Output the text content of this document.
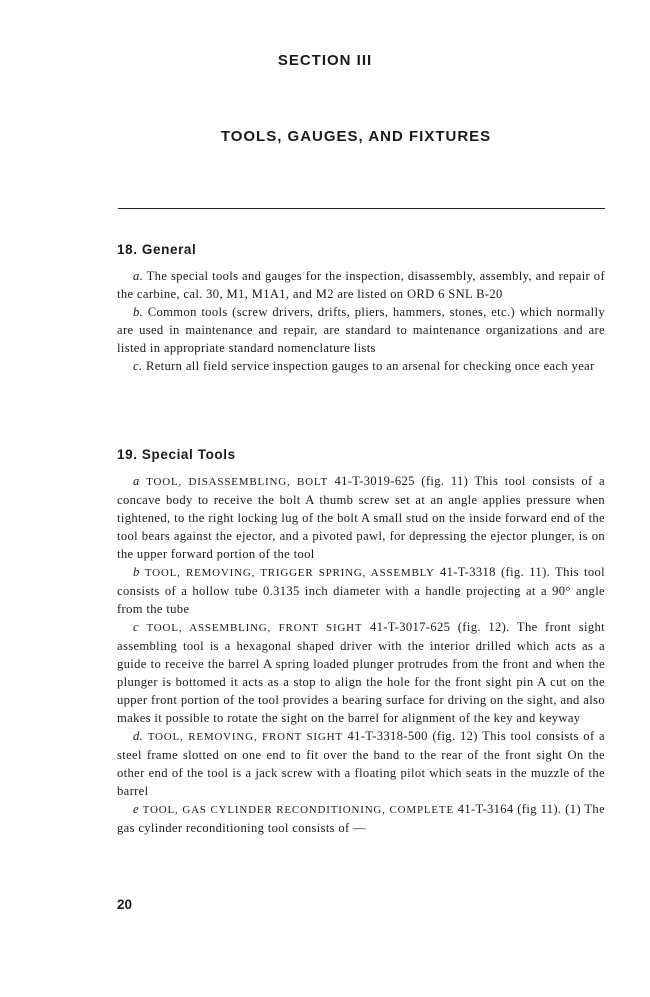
SECTION III
TOOLS, GAUGES, AND FIXTURES
18. General

a. The special tools and gauges for the inspection, disassembly, assembly, and repair of the carbine, cal. 30, M1, M1A1, and M2 are listed on ORD 6 SNL B-20

b. Common tools (screw drivers, drifts, pliers, hammers, stones, etc.) which normally are used in maintenance and repair, are standard to maintenance organizations and are listed in appropriate standard nomenclature lists

c. Return all field service inspection gauges to an arsenal for checking once each year

19. Special Tools

a TOOL, DISASSEMBLING, BOLT 41-T-3019-625 (fig. 11) This tool consists of a concave body to receive the bolt A thumb screw set at an angle applies pressure when tightened, to the right locking lug of the bolt A small stud on the inside forward end of the tool bears against the ejector, and a pivoted pawl, for depressing the ejector plunger, is on the upper forward portion of the tool

b TOOL, REMOVING, TRIGGER SPRING, ASSEMBLY 41-T-3318 (fig. 11). This tool consists of a hollow tube 0.3135 inch diameter with a handle projecting at a 90° angle from the tube

c TOOL, ASSEMBLING, FRONT SIGHT 41-T-3017-625 (fig. 12). The front sight assembling tool is a hexagonal shaped driver with the interior drilled which acts as a guide to receive the barrel A spring loaded plunger protrudes from the front and when the plunger is bottomed it acts as a stop to align the hole for the front sight pin A cut on the upper front portion of the tool provides a bearing surface for driving on the sight, and also makes it possible to rotate the sight on the barrel for alignment of the key and keyway

d. TOOL, REMOVING, FRONT SIGHT 41-T-3318-500 (fig. 12) This tool consists of a steel frame slotted on one end to fit over the band to the rear of the front sight On the other end of the tool is a jack screw with a floating pilot which seats in the muzzle of the barrel

e TOOL, GAS CYLINDER RECONDITIONING, COMPLETE 41-T-3164 (fig 11). (1) The gas cylinder reconditioning tool consists of —

20
